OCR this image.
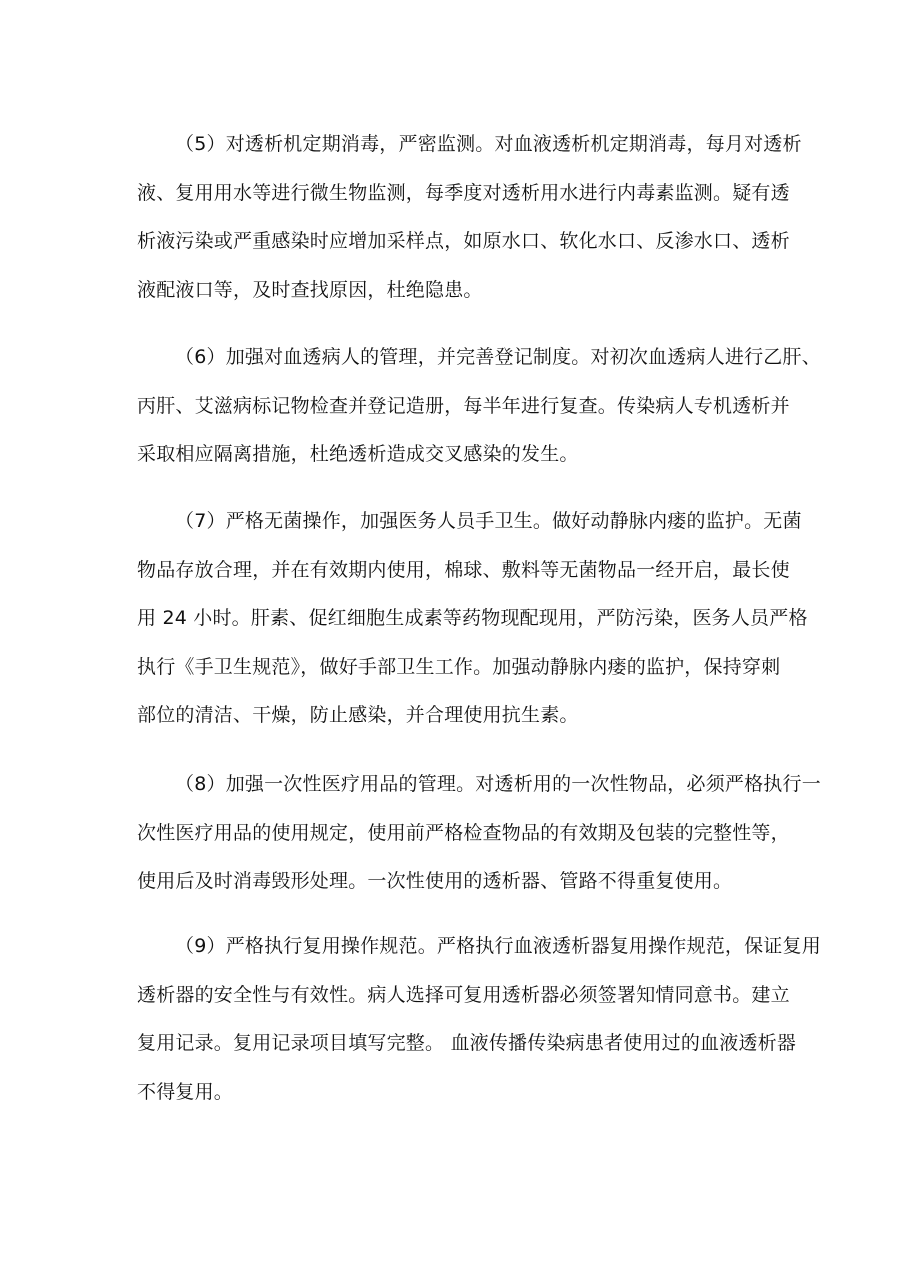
（5）对透析机定期消毒，严密监测。对血液透析机定期消毒，每月对透析
液、复用用水等进行微生物监测，每季度对透析用水进行内毒素监测。疑有透
析液污染或严重感染时应增加采样点，如原水口、软化水口、反渗水口、透析
液配液口等，及时查找原因，杜绝隐患。

（6）加强对血透病人的管理，并完善登记制度。对初次血透病人进行乙肝、
丙肝、艾滋病标记物检查并登记造册，每半年进行复查。传染病人专机透析并
采取相应隔离措施，杜绝透析造成交叉感染的发生。

（7）严格无菌操作，加强医务人员手卫生。做好动静脉内瘘的监护。无菌
物品存放合理，并在有效期内使用，棉球、敷料等无菌物品一经开启，最长使
用 24 小时。肝素、促红细胞生成素等药物现配现用，严防污染，医务人员严格
执行《手卫生规范》，做好手部卫生工作。加强动静脉内瘘的监护，保持穿刺
部位的清洁、干燥，防止感染，并合理使用抗生素。

（8）加强一次性医疗用品的管理。对透析用的一次性物品，必须严格执行一
次性医疗用品的使用规定，使用前严格检查物品的有效期及包装的完整性等，
使用后及时消毒毁形处理。一次性使用的透析器、管路不得重复使用。

（9）严格执行复用操作规范。严格执行血液透析器复用操作规范，保证复用
透析器的安全性与有效性。病人选择可复用透析器必须签署知情同意书。建立
复用记录。复用记录项目填写完整。 血液传播传染病患者使用过的血液透析器
不得复用。
